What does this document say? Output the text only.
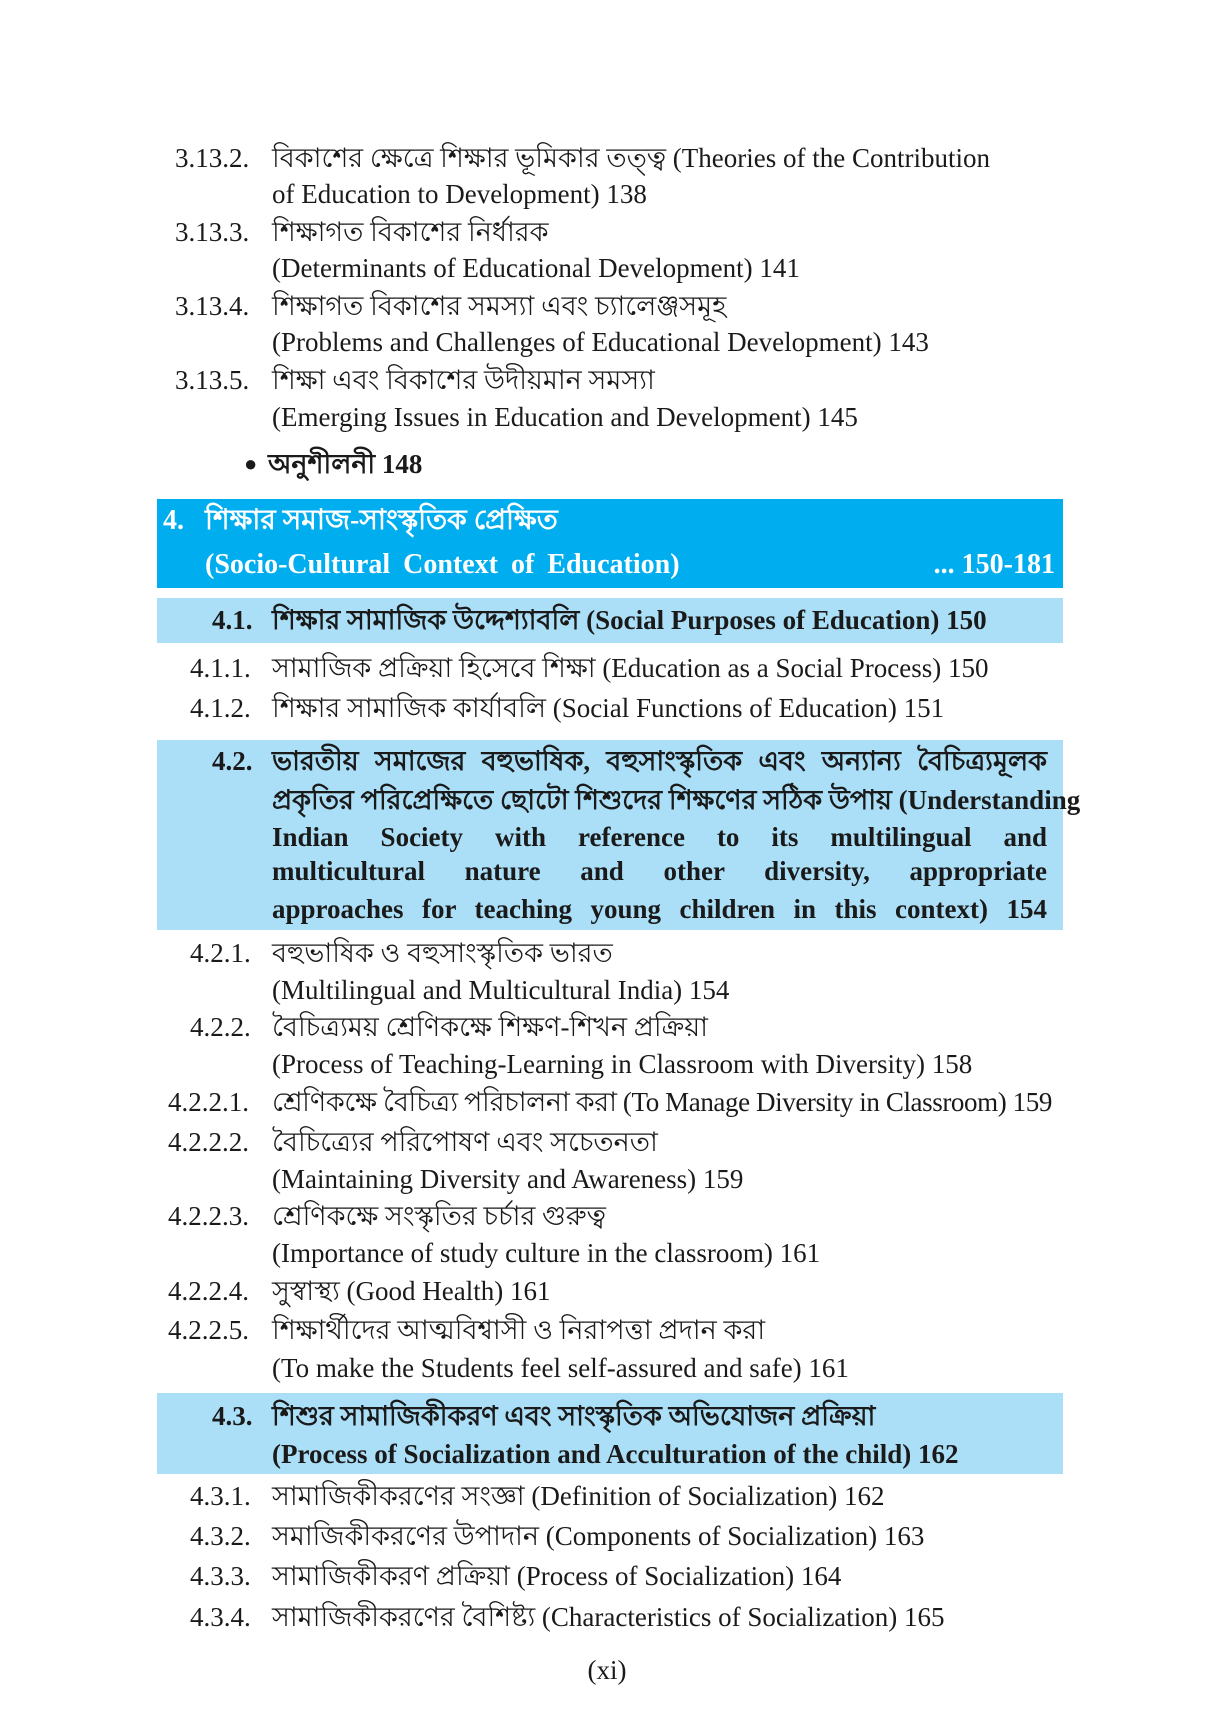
3.13.2. বিকাশের ক্ষেত্রে শিক্ষার ভূমিকার তত্ত্ব (Theories of the Contribution
of Education to Development) 138
3.13.3. শিক্ষাগত বিকাশের নির্ধারক
(Determinants of Educational Development) 141
3.13.4. শিক্ষাগত বিকাশের সমস্যা এবং চ্যালেঞ্জসমূহ
(Problems and Challenges of Educational Development) 143
3.13.5. শিক্ষা এবং বিকাশের উদীয়মান সমস্যা
(Emerging Issues in Education and Development) 145
● অনুশীলনী 148
4. শিক্ষার সমাজ-সাংস্কৃতিক প্রেক্ষিত
(Socio-Cultural Context of Education)	... 150-181
4.1. শিক্ষার সামাজিক উদ্দেশ্যাবলি (Social Purposes of Education) 150
4.1.1. সামাজিক প্রক্রিয়া হিসেবে শিক্ষা (Education as a Social Process) 150
4.1.2. শিক্ষার সামাজিক কার্যাবলি (Social Functions of Education) 151
4.2. ভারতীয় সমাজের বহুভাষিক, বহুসাংস্কৃতিক এবং অন্যান্য বৈচিত্র্যমূলক
প্রকৃতির পরিপ্রেক্ষিতে ছোটো শিশুদের শিক্ষণের সঠিক উপায় (Understanding
Indian Society with reference to its multilingual and
multicultural nature and other diversity, appropriate
approaches for teaching young children in this context) 154
4.2.1. বহুভাষিক ও বহুসাংস্কৃতিক ভারত
(Multilingual and Multicultural India) 154
4.2.2. বৈচিত্র্যময় শ্রেণিকক্ষে শিক্ষণ-শিখন প্রক্রিয়া
(Process of Teaching-Learning in Classroom with Diversity) 158
4.2.2.1. শ্রেণিকক্ষে বৈচিত্র্য পরিচালনা করা (To Manage Diversity in Classroom) 159
4.2.2.2. বৈচিত্র্যের পরিপোষণ এবং সচেতনতা
(Maintaining Diversity and Awareness) 159
4.2.2.3. শ্রেণিকক্ষে সংস্কৃতির চর্চার গুরুত্ব
(Importance of study culture in the classroom) 161
4.2.2.4. সুস্বাস্থ্য (Good Health) 161
4.2.2.5. শিক্ষার্থীদের আত্মবিশ্বাসী ও নিরাপত্তা প্রদান করা
(To make the Students feel self-assured and safe) 161
4.3. শিশুর সামাজিকীকরণ এবং সাংস্কৃতিক অভিযোজন প্রক্রিয়া
(Process of Socialization and Acculturation of the child) 162
4.3.1. সামাজিকীকরণের সংজ্ঞা (Definition of Socialization) 162
4.3.2. সমাজিকীকরণের উপাদান (Components of Socialization) 163
4.3.3. সামাজিকীকরণ প্রক্রিয়া (Process of Socialization) 164
4.3.4. সামাজিকীকরণের বৈশিষ্ট্য (Characteristics of Socialization) 165
(xi)
